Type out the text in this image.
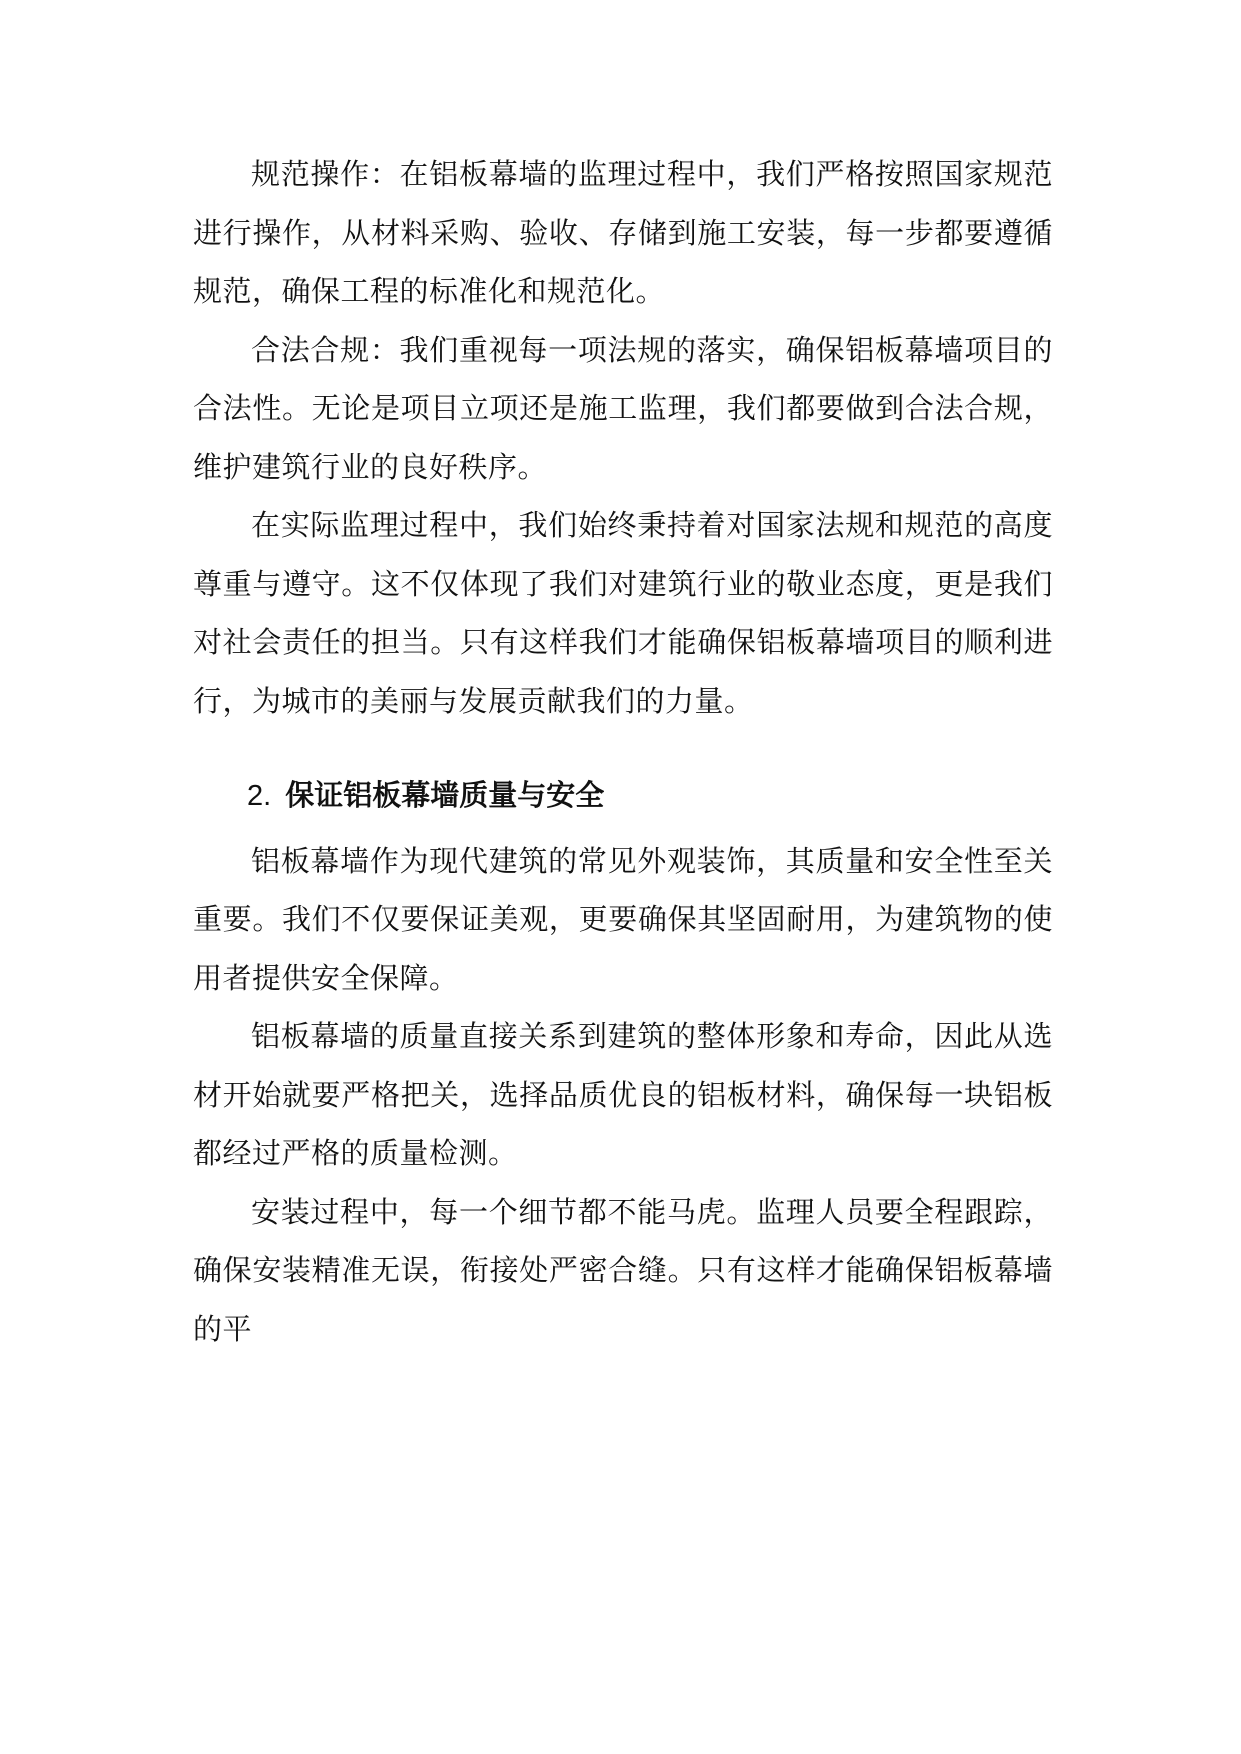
规范操作：在铝板幕墙的监理过程中，我们严格按照国家规范进行操作，从材料采购、验收、存储到施工安装，每一步都要遵循规范，确保工程的标准化和规范化。

合法合规：我们重视每一项法规的落实，确保铝板幕墙项目的合法性。无论是项目立项还是施工监理，我们都要做到合法合规，维护建筑行业的良好秩序。

在实际监理过程中，我们始终秉持着对国家法规和规范的高度尊重与遵守。这不仅体现了我们对建筑行业的敬业态度，更是我们对社会责任的担当。只有这样我们才能确保铝板幕墙项目的顺利进行，为城市的美丽与发展贡献我们的力量。

2. 保证铝板幕墙质量与安全

铝板幕墙作为现代建筑的常见外观装饰，其质量和安全性至关重要。我们不仅要保证美观，更要确保其坚固耐用，为建筑物的使用者提供安全保障。

铝板幕墙的质量直接关系到建筑的整体形象和寿命，因此从选材开始就要严格把关，选择品质优良的铝板材料，确保每一块铝板都经过严格的质量检测。

安装过程中，每一个细节都不能马虎。监理人员要全程跟踪，确保安装精准无误，衔接处严密合缝。只有这样才能确保铝板幕墙的平
